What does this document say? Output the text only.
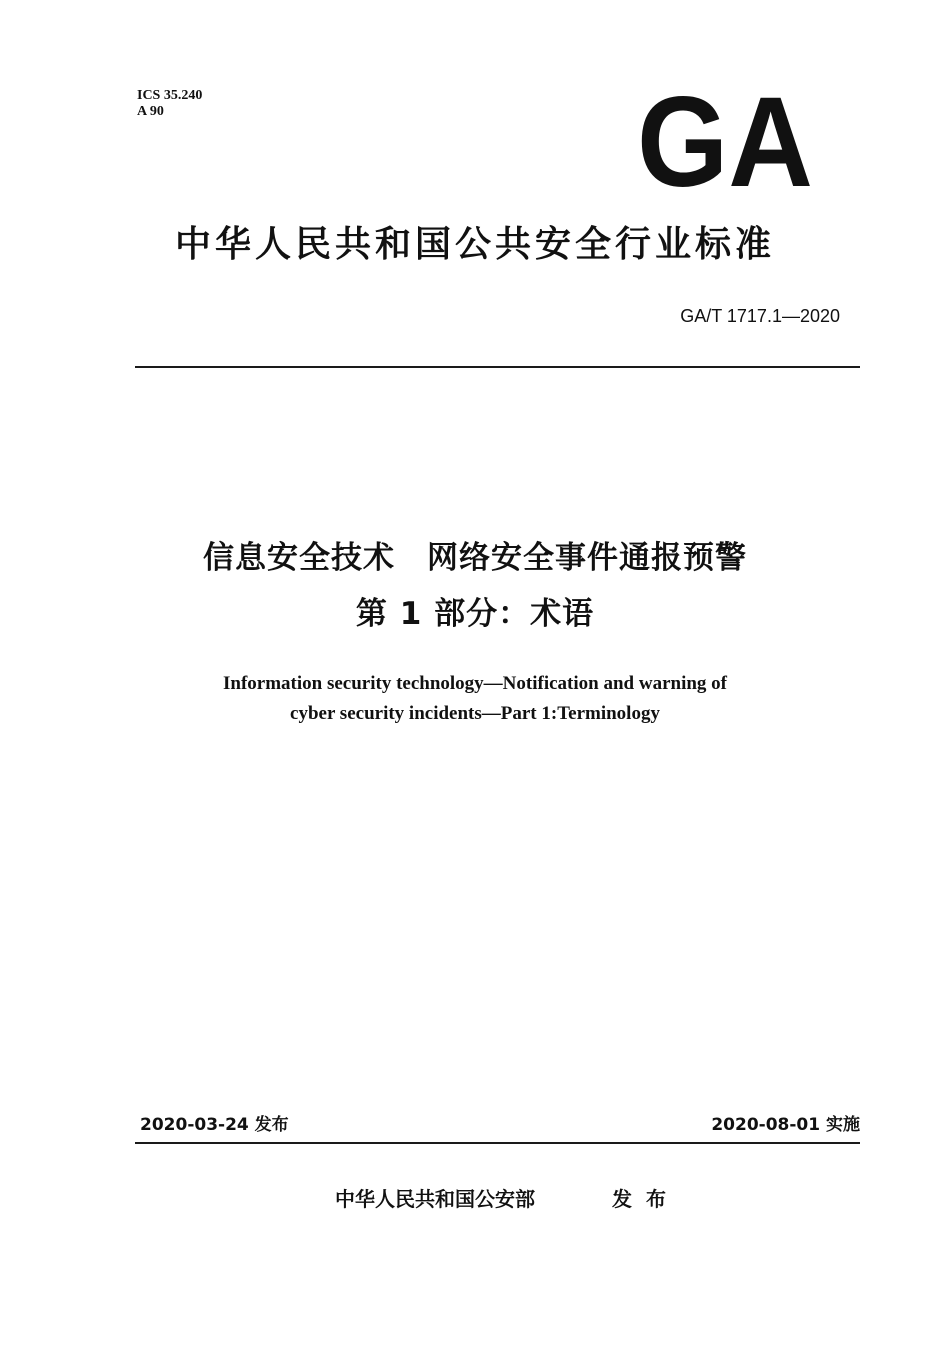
ICS 35.240
A 90	GA
中华人民共和国公共安全行业标准
GA/T 1717.1—2020
信息安全技术　网络安全事件通报预警
第 1 部分：术语
Information security technology—Notification and warning of
cyber security incidents—Part 1:Terminology
2020-03-24 发布	2020-08-01 实施
中华人民共和国公安部	发布
